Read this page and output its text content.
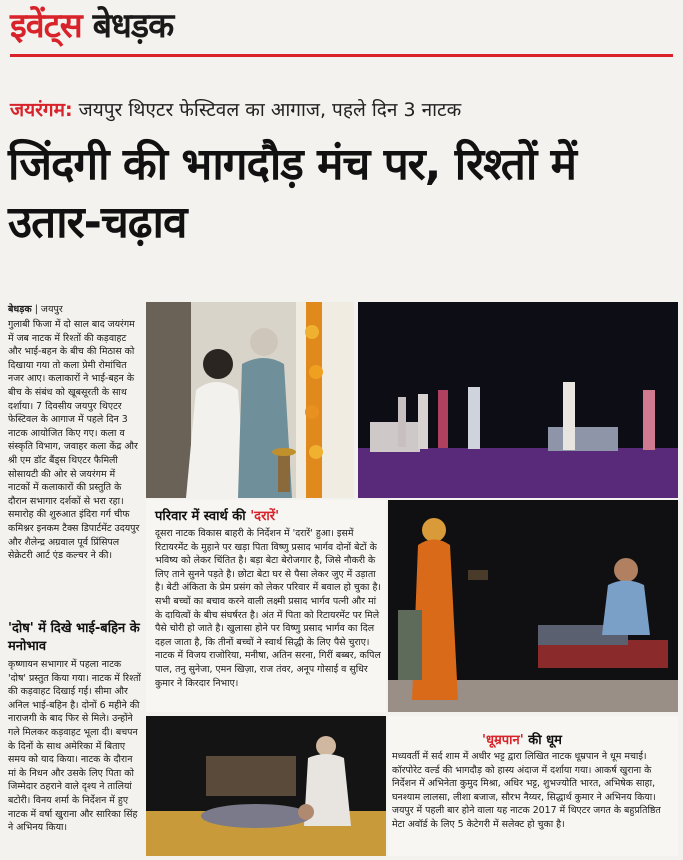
इवेंट्स बेधड़क
जयरंगम: जयपुर थिएटर फेस्टिवल का आगाज, पहले दिन 3 नाटक
जिंदगी की भागदौड़ मंच पर, रिश्तों में उतार-चढ़ाव
बेधड़क | जयपुर
गुलाबी फिजा में दो साल बाद जयरंगम में जब नाटक में रिश्तों की कड़वाहट और भाई-बहन के बीच की मिठास को दिखाया गया तो कला प्रेमी रोमांचित नजर आए। कलाकारों ने भाई-बहन के बीच के संबंध को खूबसूरती के साथ दर्शाया। 7 दिवसीय जयपुर थिएटर फेस्टिवल के आगाज में पहले दिन 3 नाटक आयोजित किए गए। कला व संस्कृति विभाग, जवाहर कला केंद्र और श्री एम डॉट बैंड्स थिएटर फैमिली सोसायटी की ओर से जयरंगम में नाटकों में कलाकारों की प्रस्तुति के दौरान सभागार दर्शकों से भरा रहा। समारोह की शुरुआत इंदिरा गर्ग चीफ कमिश्नर इनकम टैक्स डिपार्टमेंट उदयपुर और शैलेन्द्र अग्रवाल पूर्व प्रिंसिपल सेक्रेटरी आर्ट एंड कल्चर ने की।
'दोष' में दिखे भाई-बहिन के मनोभाव
कृष्णायन सभागार में पहला नाटक 'दोष' प्रस्तुत किया गया। नाटक में रिश्तों की कड़वाहट दिखाई गई। सीमा और अनिल भाई-बहिन है। दोनों 6 महीने की नाराजगी के बाद फिर से मिले। उन्होंने गले मिलकर कड़वाहट भूला दी। बचपन के दिनों के साथ अमेरिका में बिताए समय को याद किया। नाटक के दौरान मां के निधन और उसके लिए पिता को जिम्मेदार ठहराने वाले दृश्य ने तालियां बटोरी। विनय शर्मा के निर्देशन में हुए नाटक में वर्षा खुराना और सारिका सिंह ने अभिनय किया।
परिवार में स्वार्थ की 'दरारें'
दूसरा नाटक विकास बाहरी के निर्देशन में 'दरारें' हुआ। इसमें रिटायरमेंट के मुहाने पर खड़ा पिता विष्णु प्रसाद भार्गव दोनों बेटों के भविष्य को लेकर चिंतित है। बड़ा बेटा बेरोजगार है, जिसे नौकरी के लिए ताने सुनने पड़ते है। छोटा बेटा घर से पैसा लेकर जुए में उड़ाता है। बेटी अंकिता के प्रेम प्रसंग को लेकर परिवार में बवाल हो चुका है। सभी बच्चों का बचाव करने वाली लक्ष्मी प्रसाद भार्गव पत्नी और मां के दायित्वों के बीच संघर्षरत है। अंत में पिता को रिटायरमेंट पर मिले पैसे चोरी हो जाते है। खुलासा होने पर विष्णु प्रसाद भार्गव का दिल दहल जाता है, कि तीनों बच्चों ने स्वार्थ सिद्धी के लिए पैसे चुराए। नाटक में विजय राजोरिया, मनीषा, अतिन सरना, गिरीं बब्बर, कपिल पाल, तनु सुनेजा, एमन खिज़ा, राज तंवर, अनूप गोसाई व सुधिर कुमार ने किरदार निभाए।
'धूम्रपान' की धूम
मध्यवर्ती में सर्द शाम में अधीर भट्ट द्वारा लिखित नाटक धूम्रपान ने धूम मचाई। कॉरपोरेट वर्ल्ड की भागदौड़ को हास्य अंदाज में दर्शाया गया। आकर्ष खुराना के निर्देशन में अभिनेता कुमुद मिश्रा, अधिर भट्ट, शुभज्योति भारत, अभिषेक साहा, घनश्याम लालसा, लीशा बजाज, सौरभ नैय्यर, सिद्धार्थ कुमार ने अभिनय किया। जयपुर में पहली बार होने वाला यह नाटक 2017 में थिएटर जगत के बहुप्रतिष्ठित मेटा अवॉर्ड के लिए 5 केटेगरी में सलेक्ट हो चुका है।
